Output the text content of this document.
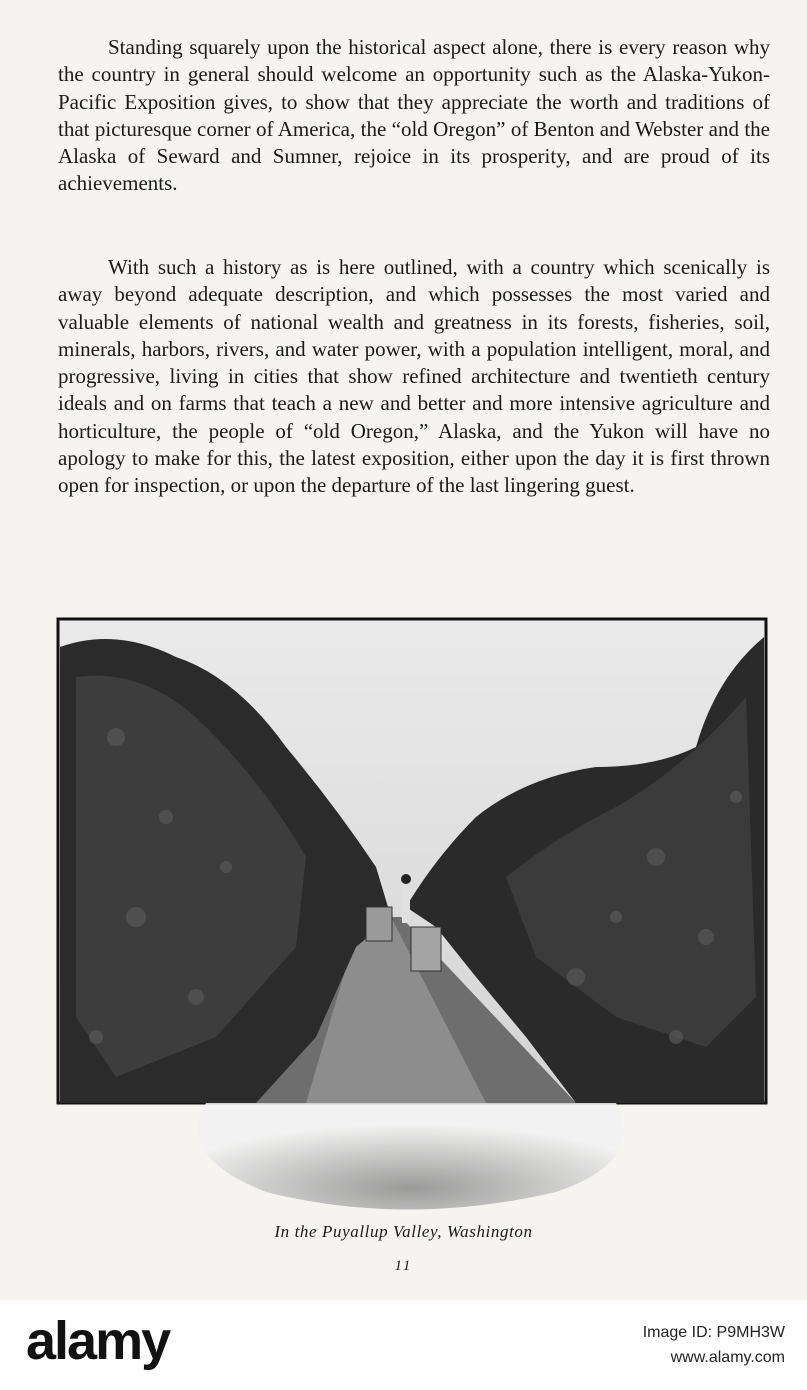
Standing squarely upon the historical aspect alone, there is every reason why the country in general should welcome an opportunity such as the Alaska-Yukon-Pacific Exposition gives, to show that they appreciate the worth and traditions of that picturesque corner of America, the “old Oregon” of Benton and Webster and the Alaska of Seward and Sumner, rejoice in its prosperity, and are proud of its achievements.

With such a history as is here outlined, with a country which scenically is away beyond adequate description, and which possesses the most varied and valuable elements of national wealth and greatness in its forests, fisheries, soil, minerals, harbors, rivers, and water power, with a population intelligent, moral, and progressive, living in cities that show refined architecture and twentieth century ideals and on farms that teach a new and better and more intensive agriculture and horticulture, the people of “old Oregon,” Alaska, and the Yukon will have no apology to make for this, the latest exposition, either upon the day it is first thrown open for inspection, or upon the departure of the last lingering guest.

In the Puyallup Valley, Washington
11
alamy	Image ID: P9MH3W
www.alamy.com
